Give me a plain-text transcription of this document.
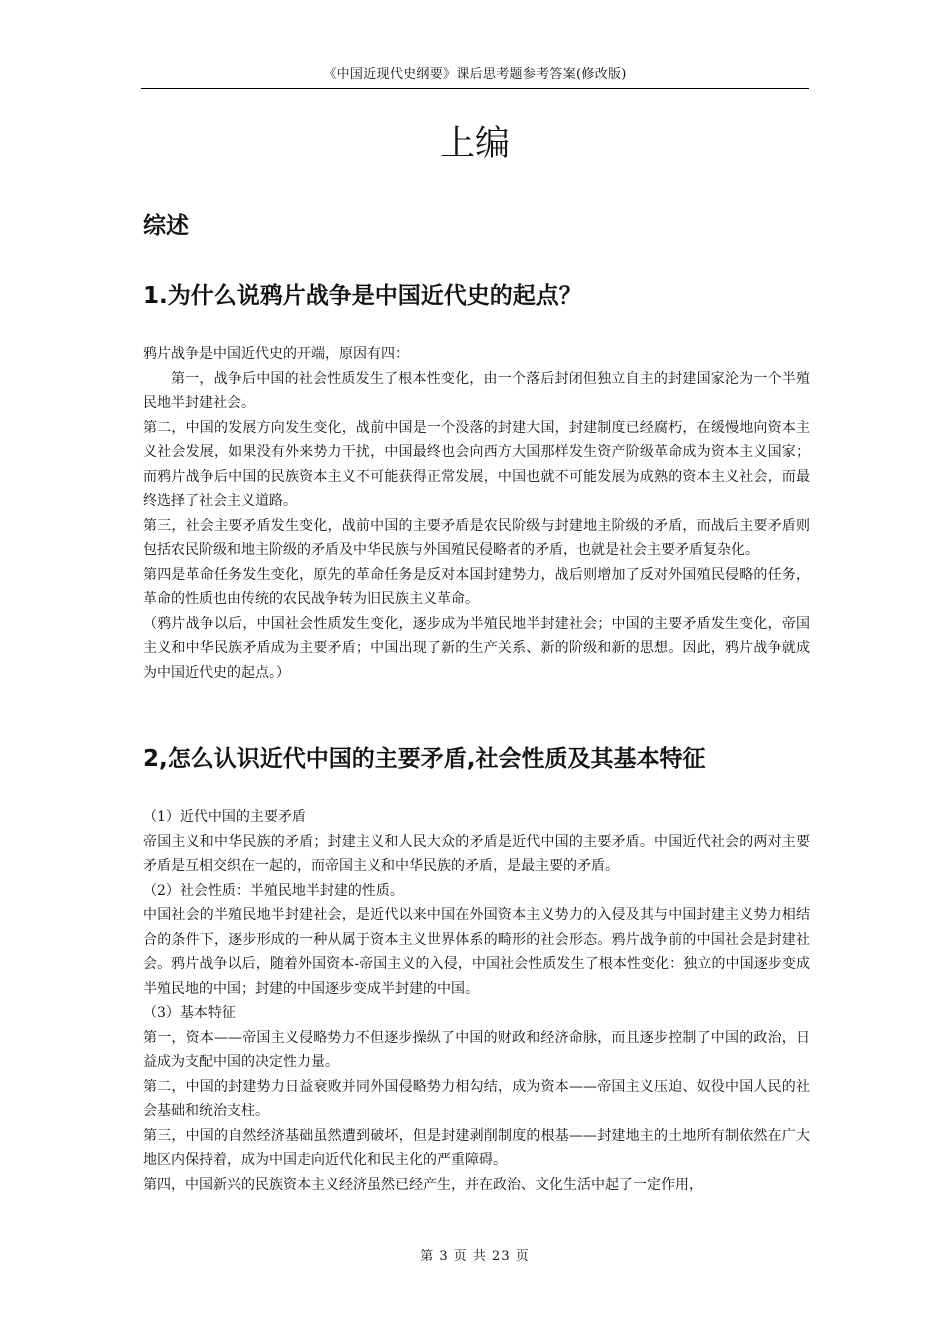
《中国近现代史纲要》课后思考题参考答案(修改版)
上编
综述
1.为什么说鸦片战争是中国近代史的起点？

鸦片战争是中国近代史的开端，原因有四：

第一，战争后中国的社会性质发生了根本性变化，由一个落后封闭但独立自主的封建国家沦为一个半殖民地半封建社会。

第二，中国的发展方向发生变化，战前中国是一个没落的封建大国，封建制度已经腐朽，在缓慢地向资本主义社会发展，如果没有外来势力干扰，中国最终也会向西方大国那样发生资产阶级革命成为资本主义国家；而鸦片战争后中国的民族资本主义不可能获得正常发展，中国也就不可能发展为成熟的资本主义社会，而最终选择了社会主义道路。

第三，社会主要矛盾发生变化，战前中国的主要矛盾是农民阶级与封建地主阶级的矛盾，而战后主要矛盾则包括农民阶级和地主阶级的矛盾及中华民族与外国殖民侵略者的矛盾，也就是社会主要矛盾复杂化。

第四是革命任务发生变化，原先的革命任务是反对本国封建势力，战后则增加了反对外国殖民侵略的任务，革命的性质也由传统的农民战争转为旧民族主义革命。

（鸦片战争以后，中国社会性质发生变化，逐步成为半殖民地半封建社会；中国的主要矛盾发生变化，帝国主义和中华民族矛盾成为主要矛盾；中国出现了新的生产关系、新的阶级和新的思想。因此，鸦片战争就成为中国近代史的起点。）

2,怎么认识近代中国的主要矛盾,社会性质及其基本特征

（1）近代中国的主要矛盾

帝国主义和中华民族的矛盾；封建主义和人民大众的矛盾是近代中国的主要矛盾。中国近代社会的两对主要矛盾是互相交织在一起的，而帝国主义和中华民族的矛盾，是最主要的矛盾。

（2）社会性质：半殖民地半封建的性质。

中国社会的半殖民地半封建社会，是近代以来中国在外国资本主义势力的入侵及其与中国封建主义势力相结合的条件下，逐步形成的一种从属于资本主义世界体系的畸形的社会形态。鸦片战争前的中国社会是封建社会。鸦片战争以后，随着外国资本-帝国主义的入侵，中国社会性质发生了根本性变化：独立的中国逐步变成半殖民地的中国；封建的中国逐步变成半封建的中国。

（3）基本特征

第一，资本——帝国主义侵略势力不但逐步操纵了中国的财政和经济命脉，而且逐步控制了中国的政治，日益成为支配中国的决定性力量。

第二，中国的封建势力日益衰败并同外国侵略势力相勾结，成为资本——帝国主义压迫、奴役中国人民的社会基础和统治支柱。

第三，中国的自然经济基础虽然遭到破坏，但是封建剥削制度的根基——封建地主的土地所有制依然在广大地区内保持着，成为中国走向近代化和民主化的严重障碍。

第四，中国新兴的民族资本主义经济虽然已经产生，并在政治、文化生活中起了一定作用，

第 3 页 共 23 页
